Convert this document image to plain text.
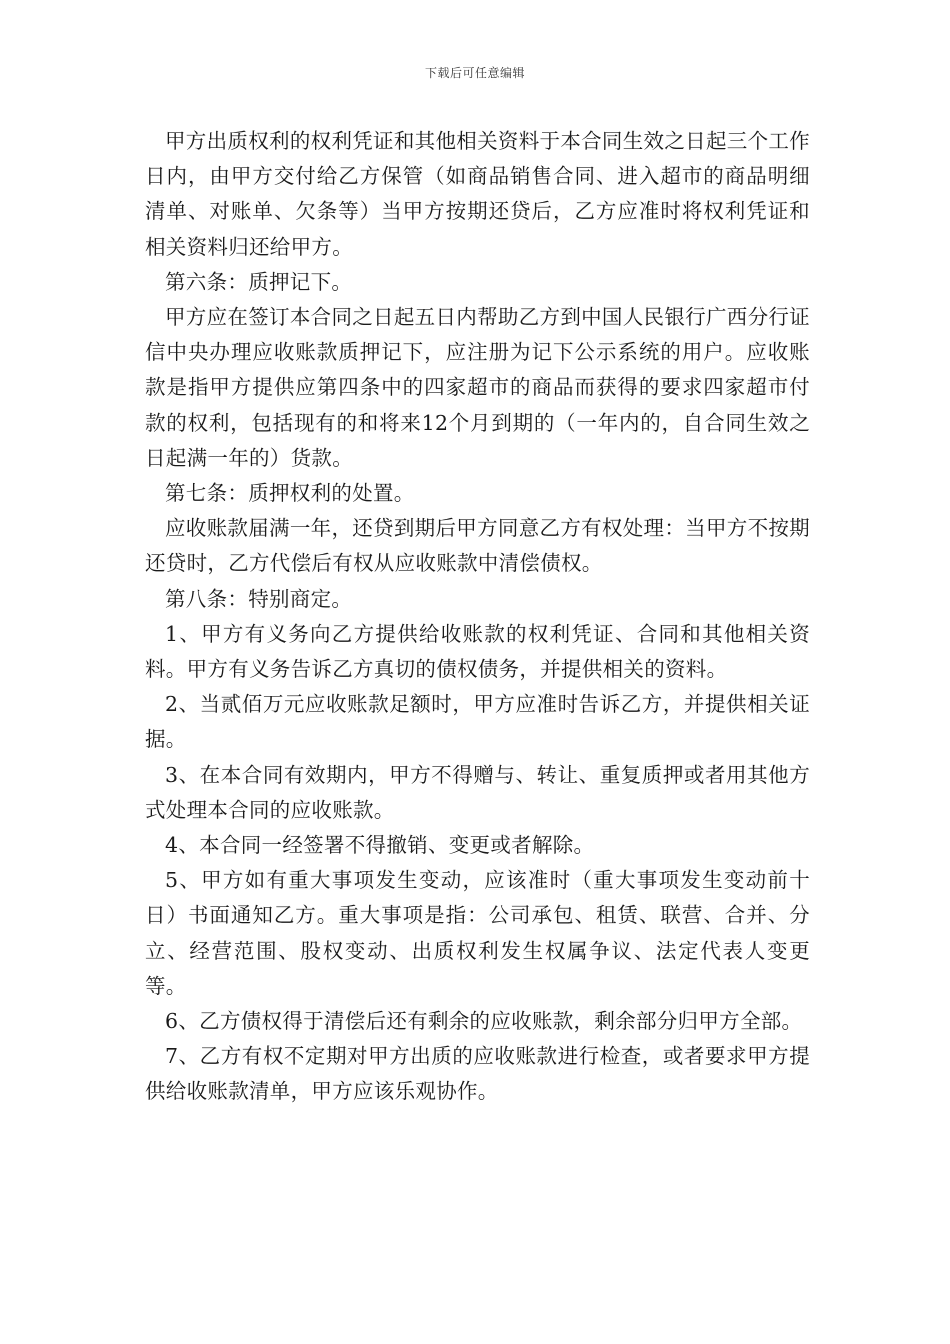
下载后可任意编辑

甲方出质权利的权利凭证和其他相关资料于本合同生效之日起三个工作日内，由甲方交付给乙方保管（如商品销售合同、进入超市的商品明细清单、对账单、欠条等）当甲方按期还贷后，乙方应准时将权利凭证和相关资料归还给甲方。

第六条：质押记下。

甲方应在签订本合同之日起五日内帮助乙方到中国人民银行广西分行证信中央办理应收账款质押记下，应注册为记下公示系统的用户。应收账款是指甲方提供应第四条中的四家超市的商品而获得的要求四家超市付款的权利，包括现有的和将来12个月到期的（一年内的，自合同生效之日起满一年的）货款。

第七条：质押权利的处置。

应收账款届满一年，还贷到期后甲方同意乙方有权处理：当甲方不按期还贷时，乙方代偿后有权从应收账款中清偿债权。

第八条：特别商定。

1、甲方有义务向乙方提供给收账款的权利凭证、合同和其他相关资料。甲方有义务告诉乙方真切的债权债务，并提供相关的资料。

2、当贰佰万元应收账款足额时，甲方应准时告诉乙方，并提供相关证据。

3、在本合同有效期内，甲方不得赠与、转让、重复质押或者用其他方式处理本合同的应收账款。

4、本合同一经签署不得撤销、变更或者解除。

5、甲方如有重大事项发生变动，应该准时（重大事项发生变动前十日）书面通知乙方。重大事项是指：公司承包、租赁、联营、合并、分立、经营范围、股权变动、出质权利发生权属争议、法定代表人变更等。

6、乙方债权得于清偿后还有剩余的应收账款，剩余部分归甲方全部。

7、乙方有权不定期对甲方出质的应收账款进行检查，或者要求甲方提供给收账款清单，甲方应该乐观协作。
